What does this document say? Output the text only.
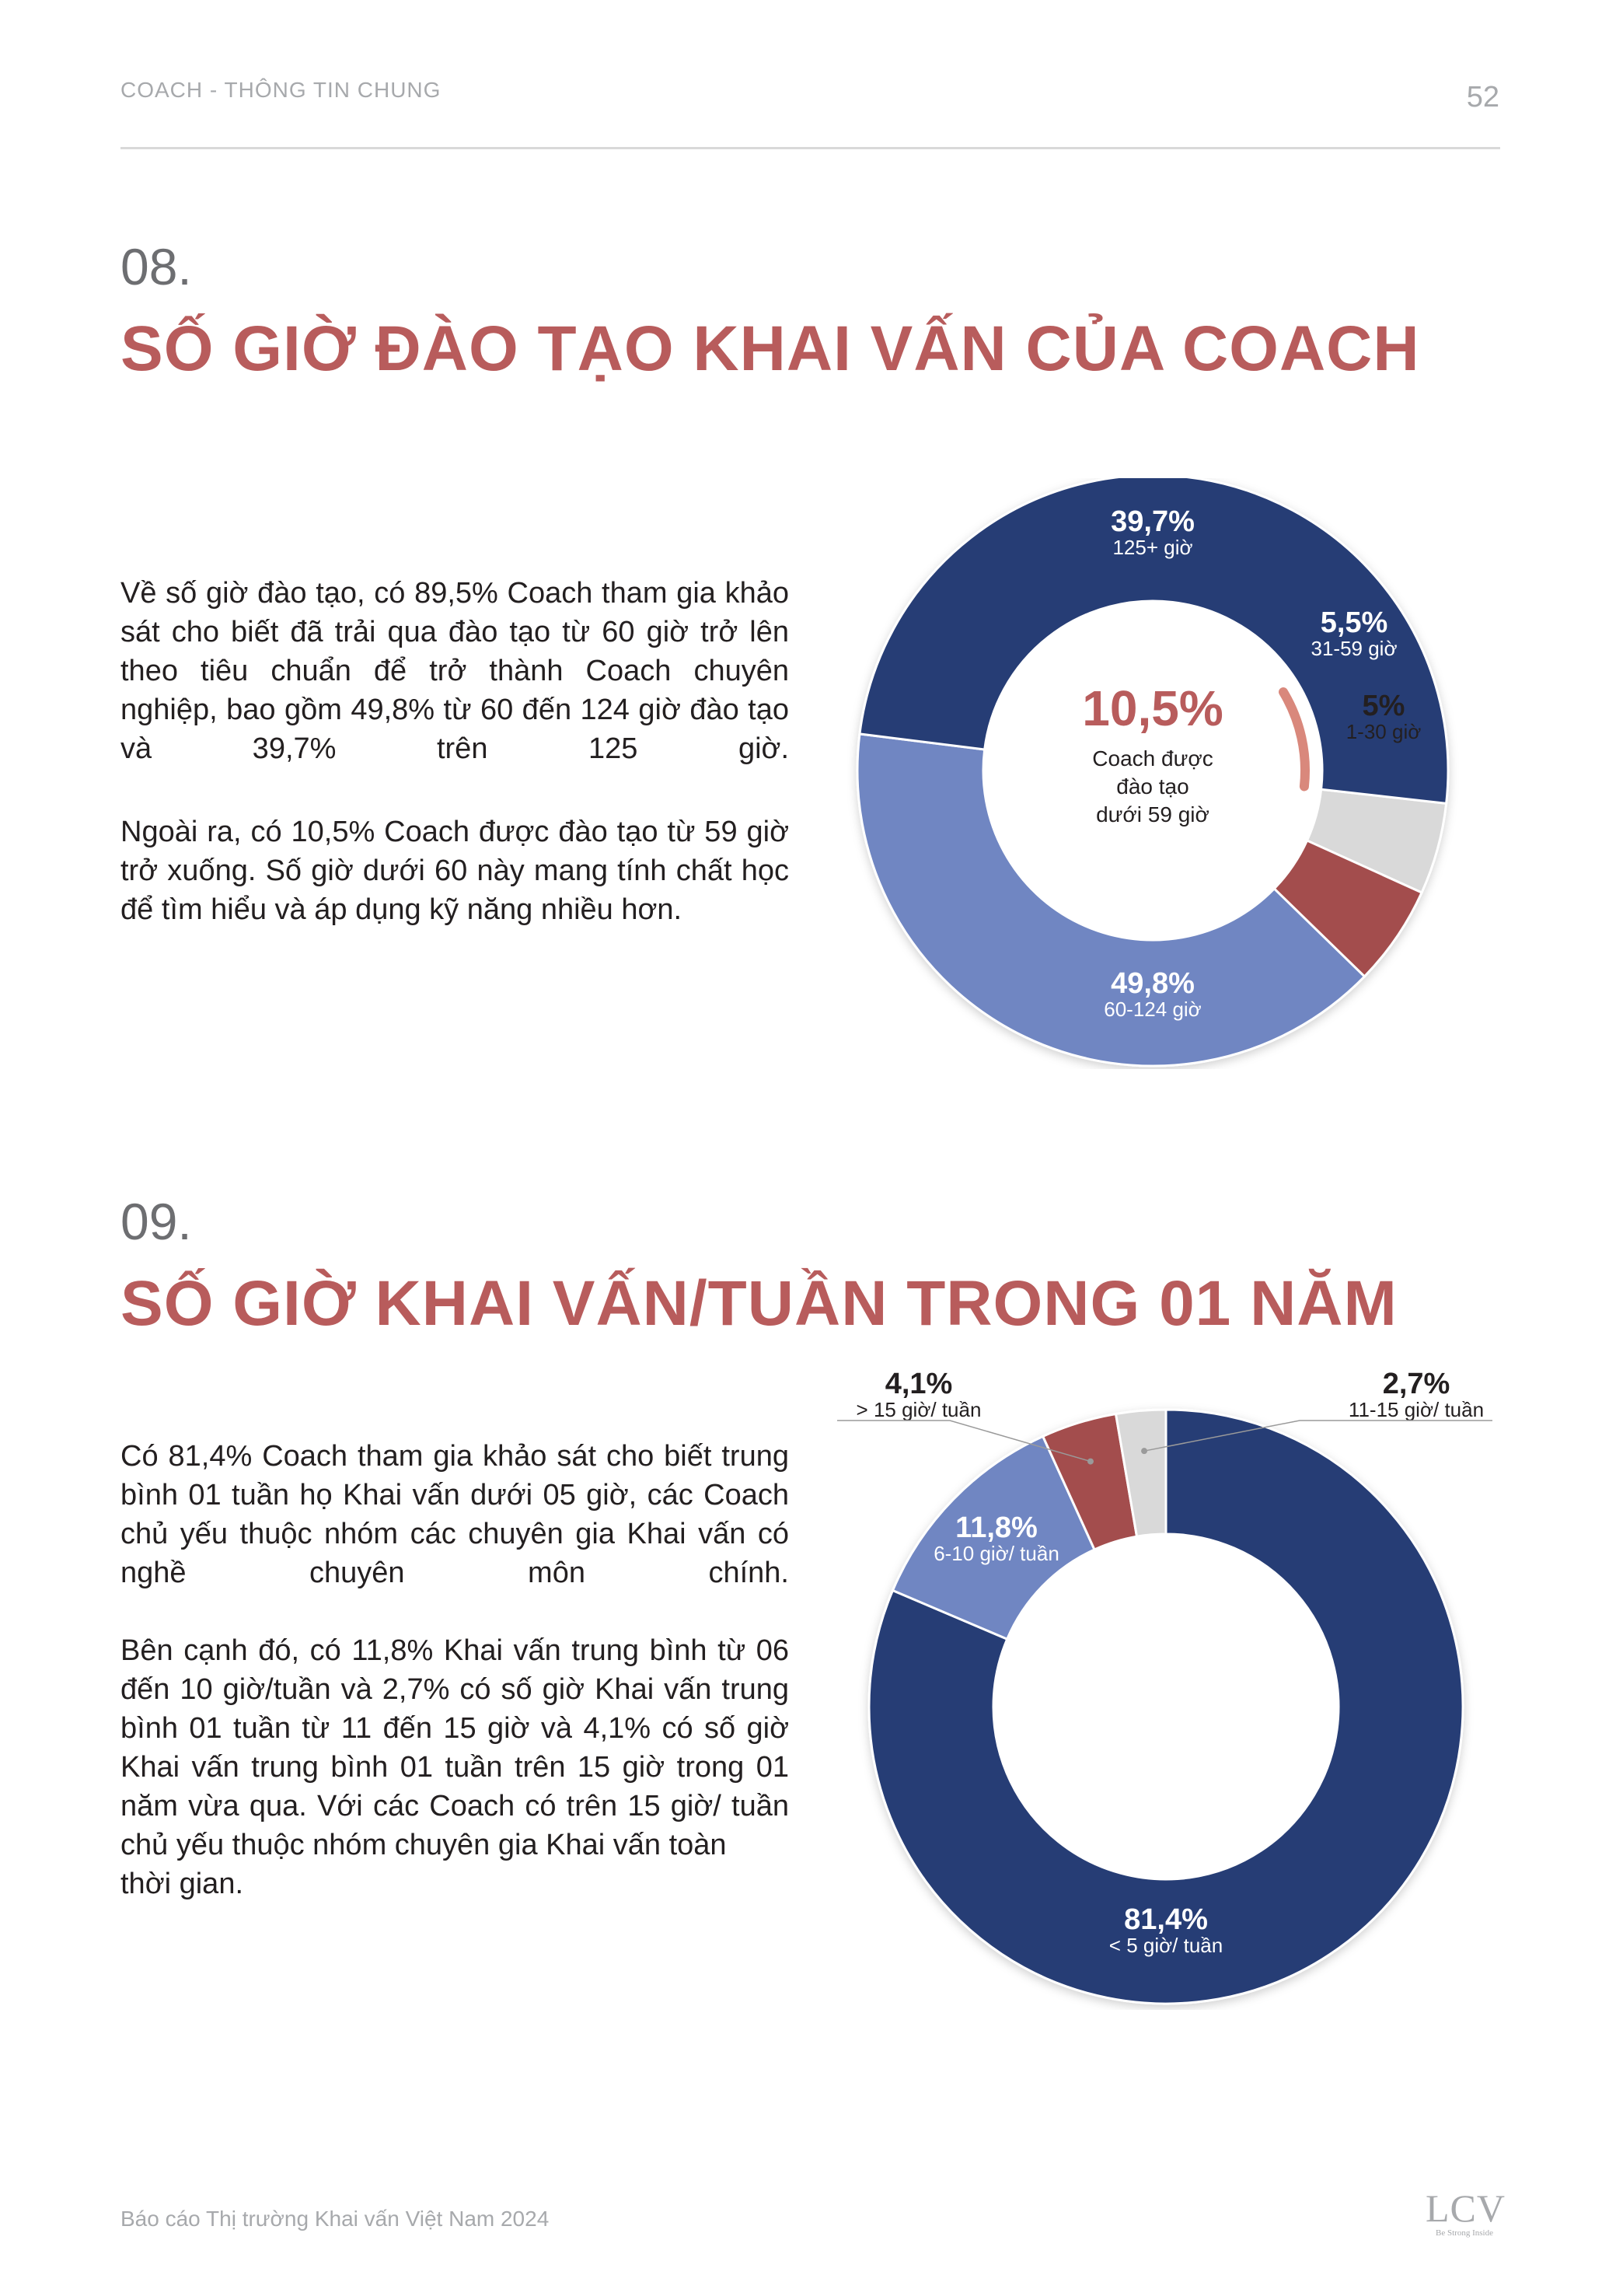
COACH - THÔNG TIN CHUNG	52
08.
SỐ GIỜ ĐÀO TẠO KHAI VẤN CỦA COACH

Về số giờ đào tạo, có 89,5% Coach tham gia khảo sát cho biết đã trải qua đào tạo từ 60 giờ trở lên theo tiêu chuẩn để trở thành Coach chuyên nghiệp, bao gồm 49,8% từ 60 đến 124 giờ đào tạo và 39,7% trên 125 giờ.

Ngoài ra, có 10,5% Coach được đào tạo từ 59 giờ trở xuống. Số giờ dưới 60 này mang tính chất học để tìm hiểu và áp dụng kỹ năng nhiều hơn.

5%
1-30 giờ
5,5%
31-59 giờ
39,7%
125+ giờ
49,8%
60-124 giờ
10,5%
Coach được
đào tạo
dưới 59 giờ
09.
SỐ GIỜ KHAI VẤN/TUẦN TRONG 01 NĂM

Có 81,4% Coach tham gia khảo sát cho biết trung bình 01 tuần họ Khai vấn dưới 05 giờ, các Coach chủ yếu thuộc nhóm các chuyên gia Khai vấn có nghề chuyên môn chính.

Bên cạnh đó, có 11,8% Khai vấn trung bình từ 06 đến 10 giờ/tuần và 2,7% có số giờ Khai vấn trung bình 01 tuần từ 11 đến 15 giờ và 4,1% có số giờ Khai vấn trung bình 01 tuần trên 15 giờ trong 01 năm vừa qua. Với các Coach có trên 15 giờ/ tuần chủ yếu thuộc nhóm chuyên gia Khai vấn toàn
thời gian.

81,4%
< 5 giờ/ tuần
11,8%
6-10 giờ/ tuần
4,1%
> 15 giờ/ tuần
2,7%
11-15 giờ/ tuần
Báo cáo Thị trường Khai vấn Việt Nam 2024	LCV
Be Strong Inside
